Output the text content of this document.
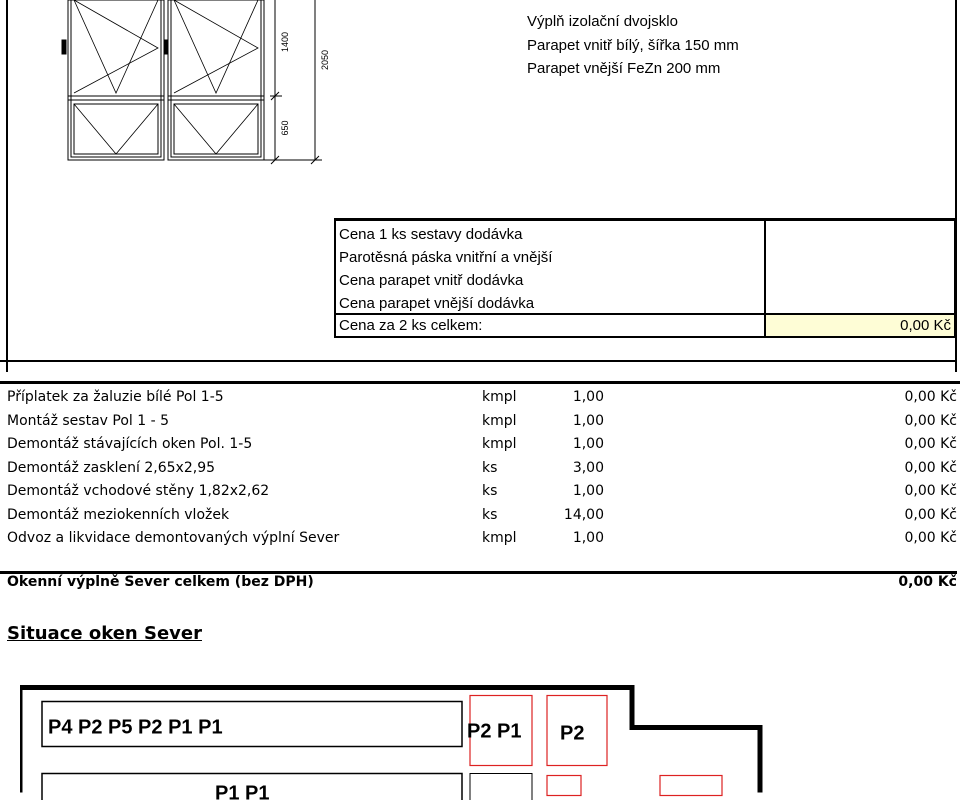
1400
2050
650
Výplň izolační dvojsklo
Parapet vnitř bílý, šířka 150 mm
Parapet vnější FeZn 200 mm
Cena 1 ks sestavy dodávka
Parotěsná páska vnitřní a vnější
Cena parapet vnitř dodávka
Cena parapet vnější dodávka
Cena za 2 ks celkem:	0,00 Kč
Příplatek za žaluzie bílé Pol 1-5	kmpl	1,00	0,00 Kč
Montáž sestav Pol 1 - 5	kmpl	1,00	0,00 Kč
Demontáž stávajících oken Pol. 1-5	kmpl	1,00	0,00 Kč
Demontáž zasklení 2,65x2,95	ks	3,00	0,00 Kč
Demontáž vchodové stěny 1,82x2,62	ks	1,00	0,00 Kč
Demontáž meziokenních vložek	ks	14,00	0,00 Kč
Odvoz a likvidace demontovaných výplní Sever	kmpl	1,00	0,00 Kč
Okenní výplně Sever celkem (bez DPH)	0,00 Kč
Situace oken Sever
P4 P2 P5 P2 P1 P1	P2 P1 P2
P1 P1
